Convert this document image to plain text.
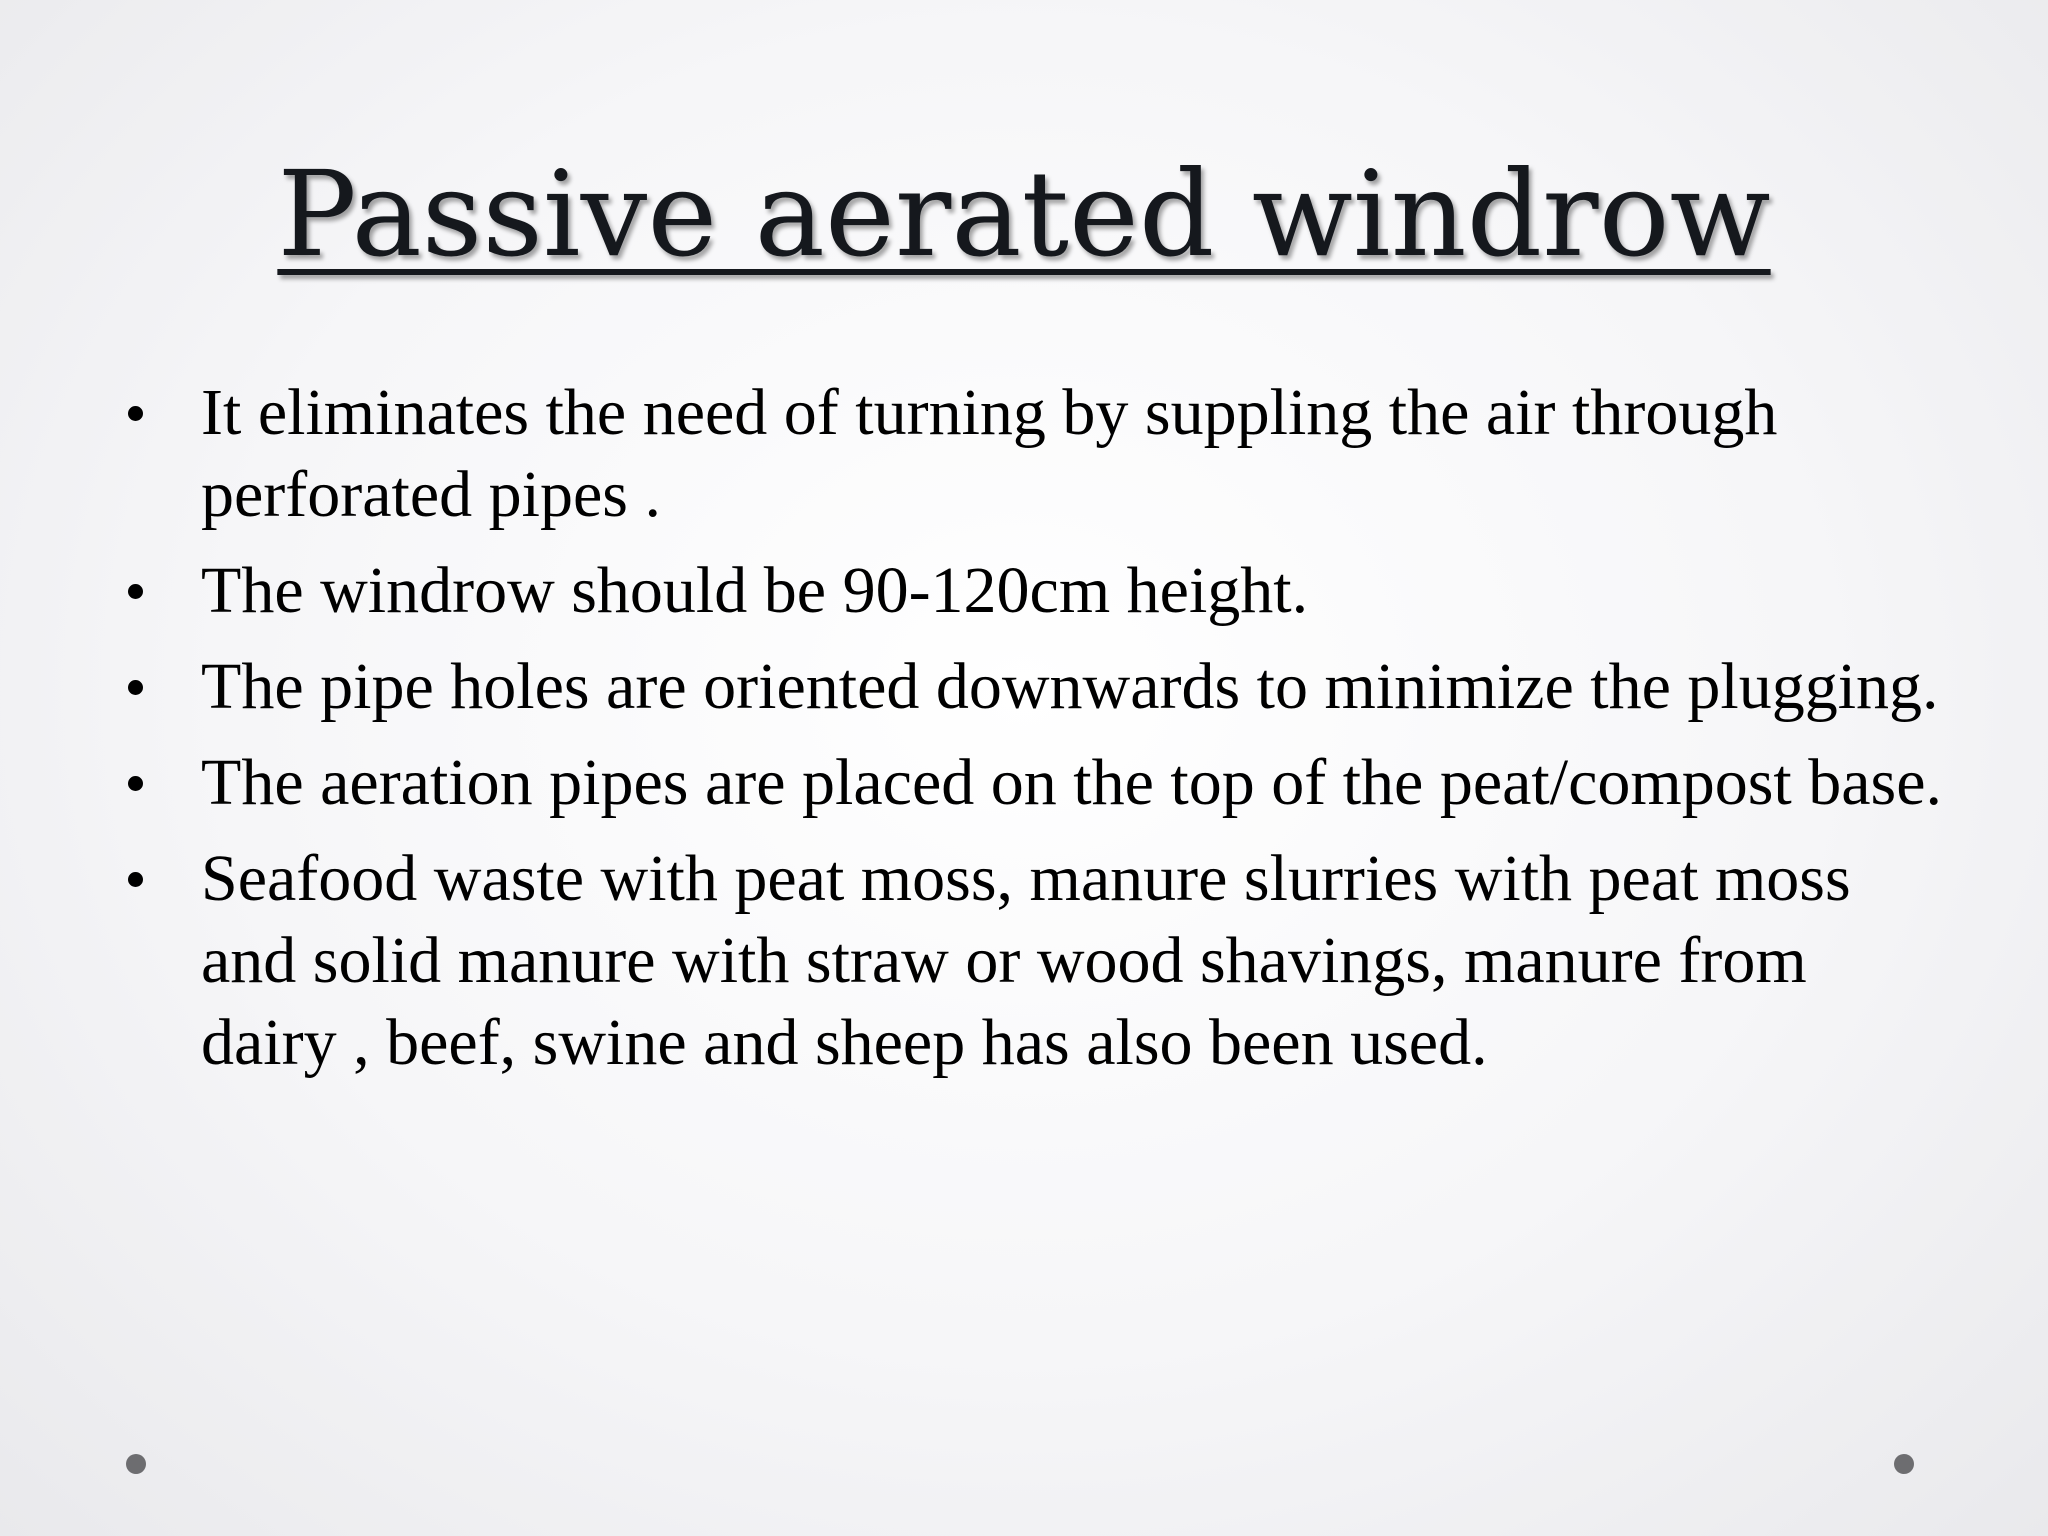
Passive aerated windrow
It eliminates the need of turning by suppling the air through perforated pipes .
The windrow should be 90-120cm height.
The pipe holes are oriented downwards to minimize the plugging.
The aeration pipes are placed on the top of the peat/compost base.
Seafood waste with peat moss, manure slurries with peat moss and solid manure with straw or wood shavings, manure from dairy , beef, swine and sheep has also been used.
